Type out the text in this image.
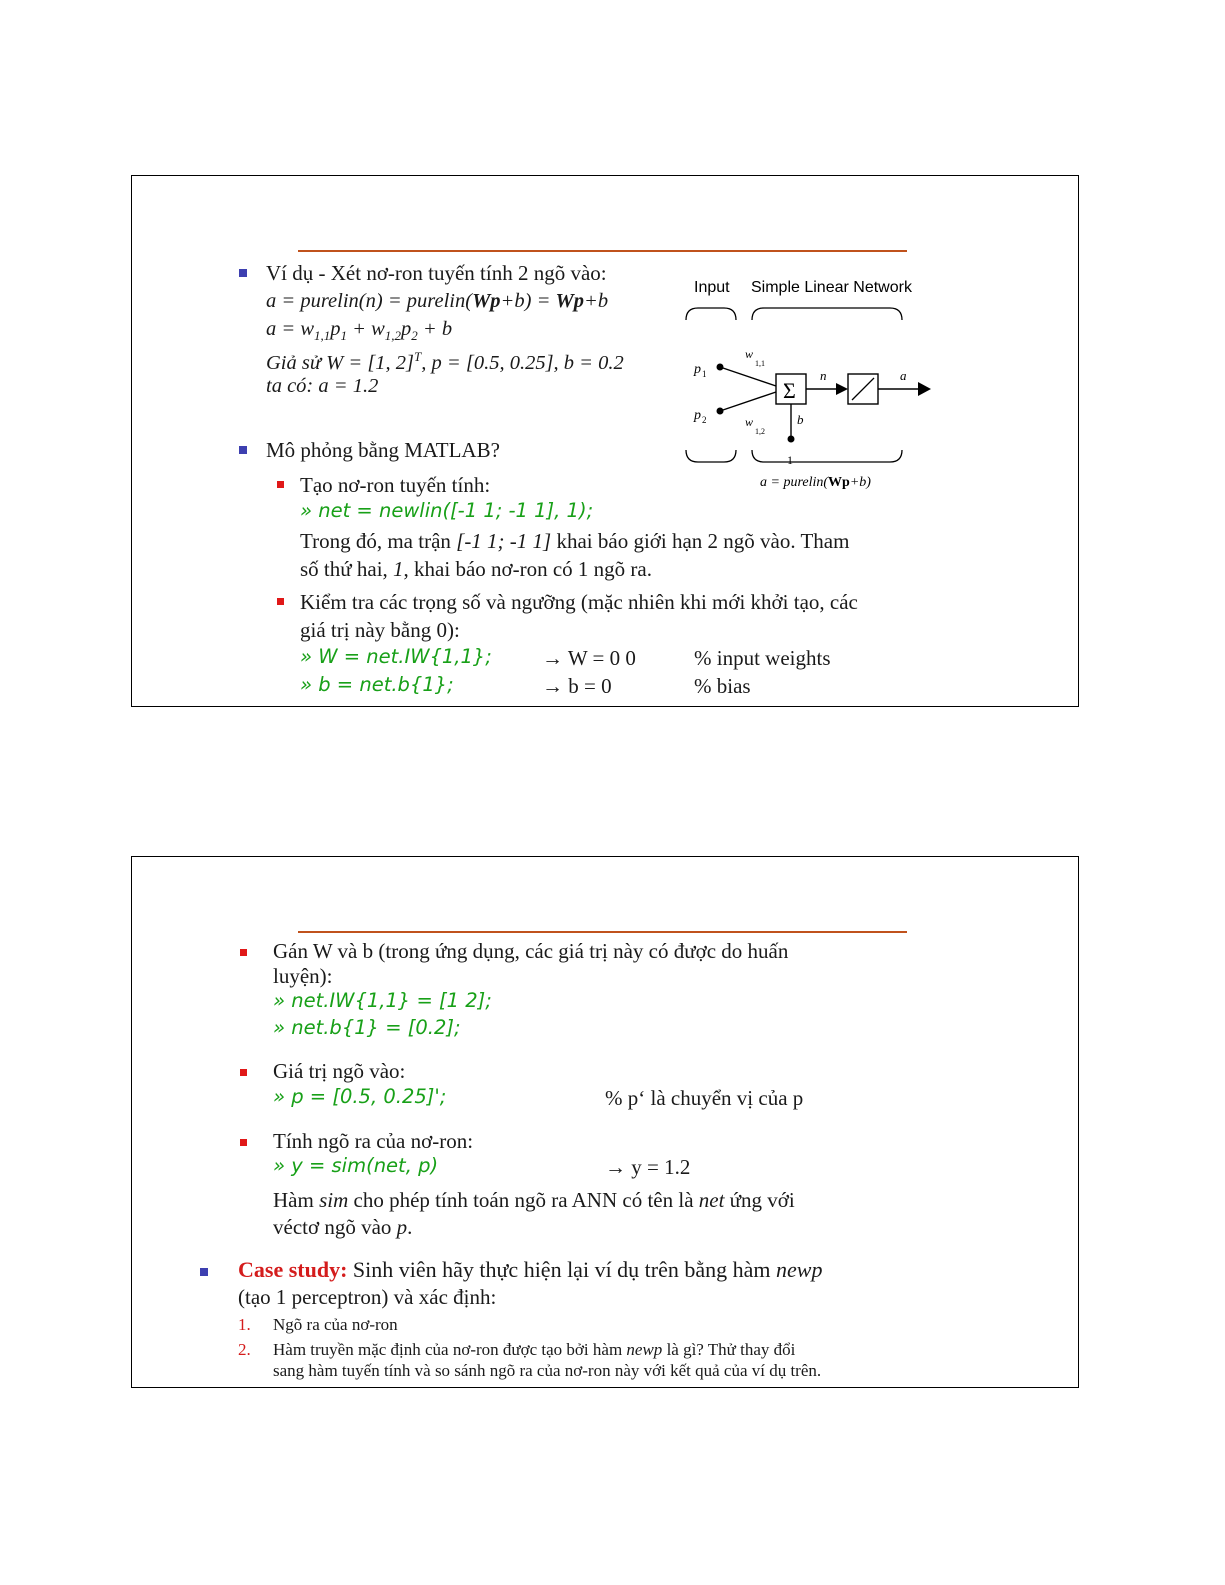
Ví dụ - Xét nơ-ron tuyến tính 2 ngõ vào:
a = purelin(n) = purelin(Wp+b) = Wp+b
$a = w_{1,1}p_1 + w_{1,2}p_2 + b$
Giả sử W = [1, 2]$^T$, p = [0.5, 0.25], b = 0.2
ta có: a = 1.2
Mô phỏng bằng MATLAB?
Tạo nơ-ron tuyến tính:
» net = newlin([-1 1; -1 1], 1);
Trong đó, ma trận [-1 1; -1 1] khai báo giới hạn 2 ngõ vào. Tham
số thứ hai, 1, khai báo nơ-ron có 1 ngõ ra.
Kiểm tra các trọng số và ngưỡng (mặc nhiên khi mới khởi tạo, các
giá trị này bằng 0):
» W = net.IW{1,1}; → W = 0 0	% input weights
» b = net.b{1};	→ b = 0	% bias
Input Simple Linear Network
p 1
p 2
w
1,1
w
1,2
Σ
b
1
n	a
a = purelin(Wp+b)
Gán W và b (trong ứng dụng, các giá trị này có được do huấn
luyện):
» net.IW{1,1} = [1 2];
» net.b{1} = [0.2];
Giá trị ngõ vào:
» p = [0.5, 0.25]';	% p‘ là chuyển vị của p
Tính ngõ ra của nơ-ron:
» y = sim(net, p)	→ y = 1.2
Hàm sim cho phép tính toán ngõ ra ANN có tên là net ứng với
véctơ ngõ vào p.
Case study: Sinh viên hãy thực hiện lại ví dụ trên bằng hàm newp
(tạo 1 perceptron) và xác định:
1. Ngõ ra của nơ-ron
2. Hàm truyền mặc định của nơ-ron được tạo bởi hàm newp là gì? Thử thay đổi
sang hàm tuyến tính và so sánh ngõ ra của nơ-ron này với kết quả của ví dụ trên.
